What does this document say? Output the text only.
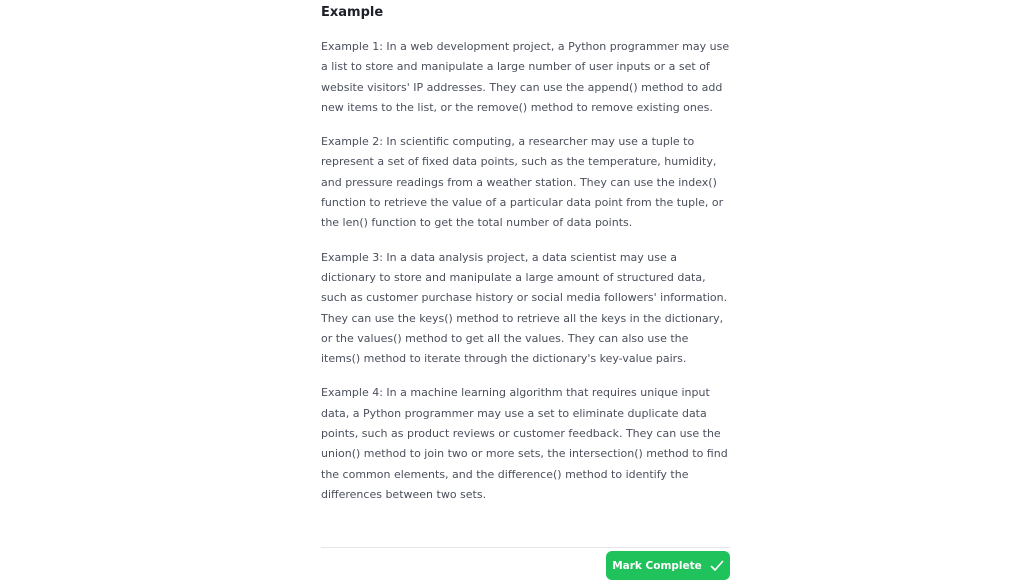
Example

Example 1: In a web development project, a Python programmer may use a list to store and manipulate a large number of user inputs or a set of website visitors' IP addresses. They can use the append() method to add new items to the list, or the remove() method to remove existing ones.

Example 2: In scientific computing, a researcher may use a tuple to represent a set of fixed data points, such as the temperature, humidity, and pressure readings from a weather station. They can use the index() function to retrieve the value of a particular data point from the tuple, or the len() function to get the total number of data points.

Example 3: In a data analysis project, a data scientist may use a dictionary to store and manipulate a large amount of structured data, such as customer purchase history or social media followers' information. They can use the keys() method to retrieve all the keys in the dictionary, or the values() method to get all the values. They can also use the items() method to iterate through the dictionary's key-value pairs.

Example 4: In a machine learning algorithm that requires unique input data, a Python programmer may use a set to eliminate duplicate data points, such as product reviews or customer feedback. They can use the union() method to join two or more sets, the intersection() method to find the common elements, and the difference() method to identify the differences between two sets.

Mark Complete
